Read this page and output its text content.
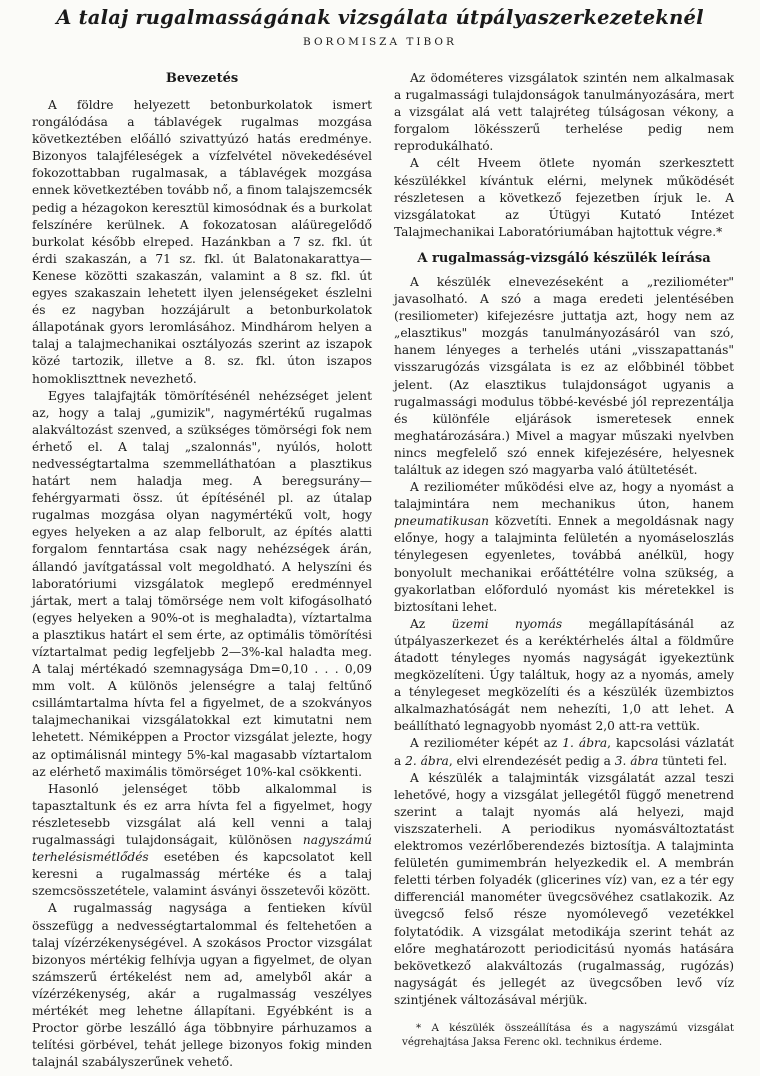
A talaj rugalmasságának vizsgálata útpályaszerkezeteknél
BOROMISZA TIBOR
Bevezetés

A földre helyezett betonburkolatok ismert rongálódása a táblavégek rugalmas mozgása következtében előálló szivattyúzó hatás eredménye. Bizonyos talajféleségek a vízfelvétel növekedésével fokozottabban rugalmasak, a táblavégek mozgása ennek következtében tovább nő, a finom talajszemcsék pedig a hézagokon keresztül kimosódnak és a burkolat felszínére kerülnek. A fokozatosan aláüregelődő burkolat később elreped. Hazánkban a 7 sz. fkl. út érdi szakaszán, a 71 sz. fkl. út Balatonakarattya—Kenese közötti szakaszán, valamint a 8 sz. fkl. út egyes szakaszain lehetett ilyen jelenségeket észlelni és ez nagyban hozzájárult a betonburkolatok állapotának gyors leromlásához. Mindhárom helyen a talaj a talajmechanikai osztályozás szerint az iszapok közé tartozik, illetve a 8. sz. fkl. úton iszapos homokliszttnek nevezhető.

Egyes talajfajták tömörítésénél nehézséget jelent az, hogy a talaj „gumizik", nagymértékű rugalmas alakváltozást szenved, a szükséges tömörségi fok nem érhető el. A talaj „szalonnás", nyúlós, holott nedvességtartalma szemmelláthatóan a plasztikus határt nem haladja meg. A beregsurány—fehérgyarmati össz. út építésénél pl. az útalap rugalmas mozgása olyan nagymértékű volt, hogy egyes helyeken a az alap felborult, az építés alatti forgalom fenntartása csak nagy nehézségek árán, állandó javítgatással volt megoldható. A helyszíni és laboratóriumi vizsgálatok meglepő eredménnyel jártak, mert a talaj tömörsége nem volt kifogásolható (egyes helyeken a 90%-ot is meghaladta), víztartalma a plasztikus határt el sem érte, az optimális tömörítési víztartalmat pedig legfeljebb 2—3%-kal haladta meg. A talaj mértékadó szemnagysága Dm=0,10 . . . 0,09 mm volt. A különös jelenségre a talaj feltűnő csillámtartalma hívta fel a figyelmet, de a szokványos talajmechanikai vizsgálatokkal ezt kimutatni nem lehetett. Némiképpen a Proctor vizsgálat jelezte, hogy az optimálisnál mintegy 5%-kal magasabb víztartalom az elérhető maximális tömörséget 10%-kal csökkenti.

Hasonló jelenséget több alkalommal is tapasztaltunk és ez arra hívta fel a figyelmet, hogy részletesebb vizsgálat alá kell venni a talaj rugalmassági tulajdonságait, különösen nagyszámú terhelésismétlődés esetében és kapcsolatot kell keresni a rugalmasság mértéke és a talaj szemcsösszetétele, valamint ásványi összetevői között.

A rugalmasság nagysága a fentieken kívül összefügg a nedvességtartalommal és feltehetően a talaj vízérzékenységével. A szokásos Proctor vizsgálat bizonyos mértékig felhívja ugyan a figyelmet, de olyan számszerű értékelést nem ad, amelyből akár a vízérzékenység, akár a rugalmasság veszélyes mértékét meg lehetne állapítani. Egyébként is a Proctor görbe leszálló ága többnyire párhuzamos a telítési görbével, tehát jellege bizonyos fokig minden talajnál szabályszerűnek vehető.

Az ödométeres vizsgálatok szintén nem alkalmasak a rugalmassági tulajdonságok tanulmányozására, mert a vizsgálat alá vett talajréteg túlságosan vékony, a forgalom lökésszerű terhelése pedig nem reprodukálható.

A célt Hveem ötlete nyomán szerkesztett készülékkel kívántuk elérni, melynek működését részletesen a következő fejezetben írjuk le. A vizsgálatokat az Útügyi Kutató Intézet Talajmechanikai Laboratóriumában hajtottuk végre.*

A rugalmasság-vizsgáló készülék leírása

A készülék elnevezéseként a „reziliométer" javasolható. A szó a maga eredeti jelentésében (resiliometer) kifejezésre juttatja azt, hogy nem az „elasztikus" mozgás tanulmányozásáról van szó, hanem lényeges a terhelés utáni „visszapattanás" visszarugózás vizsgálata is ez az előbbinél többet jelent. (Az elasztikus tulajdonságot ugyanis a rugalmassági modulus többé-kevésbé jól reprezentálja és különféle eljárások ismeretesek ennek meghatározására.) Mivel a magyar műszaki nyelvben nincs megfelelő szó ennek kifejezésére, helyesnek találtuk az idegen szó magyarba való átültetését.

A reziliométer működési elve az, hogy a nyomást a talajmintára nem mechanikus úton, hanem pneumatikusan közvetíti. Ennek a megoldásnak nagy előnye, hogy a talajminta felületén a nyomáseloszlás ténylegesen egyenletes, továbbá anélkül, hogy bonyolult mechanikai erőáttétélre volna szükség, a gyakorlatban előforduló nyomást kis méretekkel is biztosítani lehet.

Az üzemi nyomás megállapításánál az útpályaszerkezet és a keréktérhelés által a földműre átadott tényleges nyomás nagyságát igyekeztünk megközelíteni. Úgy találtuk, hogy az a nyomás, amely a ténylegeset megközelíti és a készülék üzembiztos alkalmazhatóságát nem nehezíti, 1,0 att lehet. A beállítható legnagyobb nyomást 2,0 att-ra vettük.

A reziliométer képét az 1. ábra, kapcsolási vázlatát a 2. ábra, elvi elrendezését pedig a 3. ábra tünteti fel.

A készülék a talajminták vizsgálatát azzal teszi lehetővé, hogy a vizsgálat jellegétől függő menetrend szerint a talajt nyomás alá helyezi, majd viszszaterheli. A periodikus nyomásváltoztatást elektromos vezérlőberendezés biztosítja. A talajminta felületén gumimembrán helyezkedik el. A membrán feletti térben folyadék (glicerines víz) van, ez a tér egy differenciál manométer üvegcsövéhez csatlakozik. Az üvegcső felső része nyomólevegő vezetékkel folytatódik. A vizsgálat metodikája szerint tehát az előre meghatározott periodicitású nyomás hatására bekövetkező alakváltozás (rugalmasság, rugózás) nagyságát és jellegét az üvegcsőben levő víz szintjének változásával mérjük.

* A készülék összeállítása és a nagyszámú vizsgálat végrehajtása Jaksa Ferenc okl. technikus érdeme.
